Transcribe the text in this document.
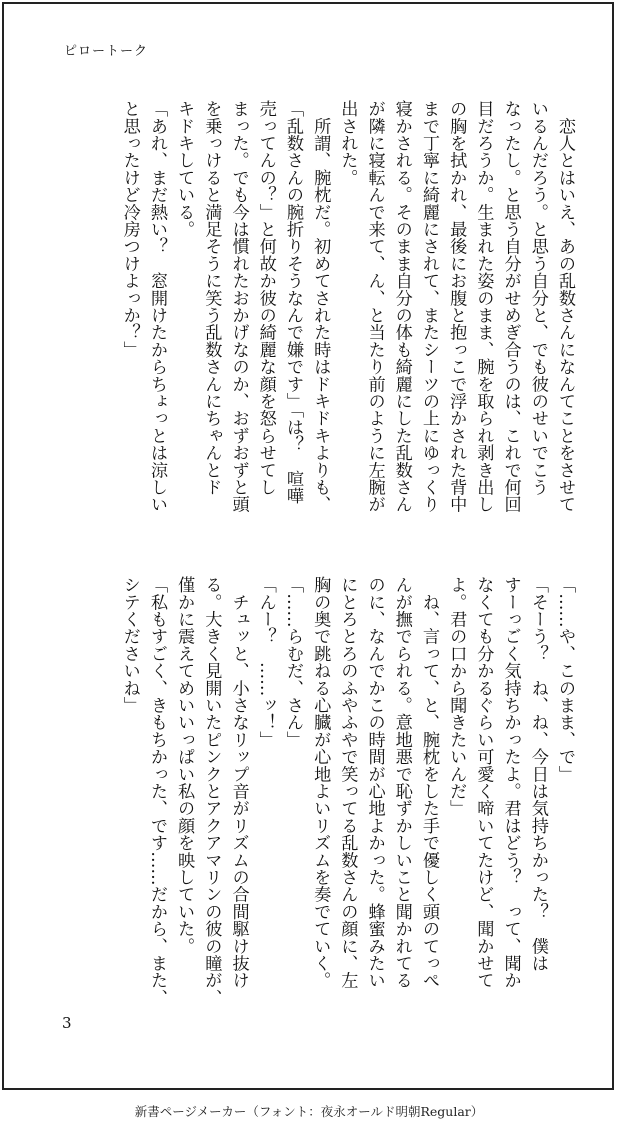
ピロートーク
　恋人とはいえ、あの乱数さんになんてことをさせて
いるんだろう。と思う自分と、でも彼のせいでこう
なったし。と思う自分がせめぎ合うのは、これで何回
目だろうか。生まれた姿のまま、腕を取られ剥き出し
の胸を拭かれ、最後にお腹と抱っこで浮かされた背中
まで丁寧に綺麗にされて、またシーツの上にゆっくり
寝かされる。そのまま自分の体も綺麗にした乱数さん
が隣に寝転んで来て、ん、と当たり前のように左腕が
出された。
　所謂、腕枕だ。初めてされた時はドキドキよりも、
「乱数さんの腕折りそうなんで嫌です」「は？　喧嘩
売ってんの？」と何故か彼の綺麗な顔を怒らせてし
まった。でも今は慣れたおかげなのか、おずおずと頭
を乗っけると満足そうに笑う乱数さんにちゃんとド
キドキしている。
「あれ、まだ熱い？　窓開けたからちょっとは涼しい
と思ったけど冷房つけよっか？」
「……や、このまま、で」
「そーう？　ね、ね、今日は気持ちかった？　僕は
すーっごく気持ちかったよ。君はどう？　って、聞か
なくても分かるぐらい可愛く啼いてたけど、聞かせて
よ。君の口から聞きたいんだ」
　ね、言って、と、腕枕をした手で優しく頭のてっぺ
んが撫でられる。意地悪で恥ずかしいこと聞かれてる
のに、なんでかこの時間が心地よかった。蜂蜜みたい
にとろとろのふやふやで笑ってる乱数さんの顔に、左
胸の奥で跳ねる心臓が心地よいリズムを奏でていく。
「……らむだ、さん」
「んー？　……ッ！」
　チュッと、小さなリップ音がリズムの合間駆け抜け
る。大きく見開いたピンクとアクアマリンの彼の瞳が、
僅かに震えてめいいっぱい私の顔を映していた。
「私もすごく、きもちかった、です……だから、また、
シテくださいね」
3
新書ページメーカー（フォント：夜永オールド明朝Regular）
